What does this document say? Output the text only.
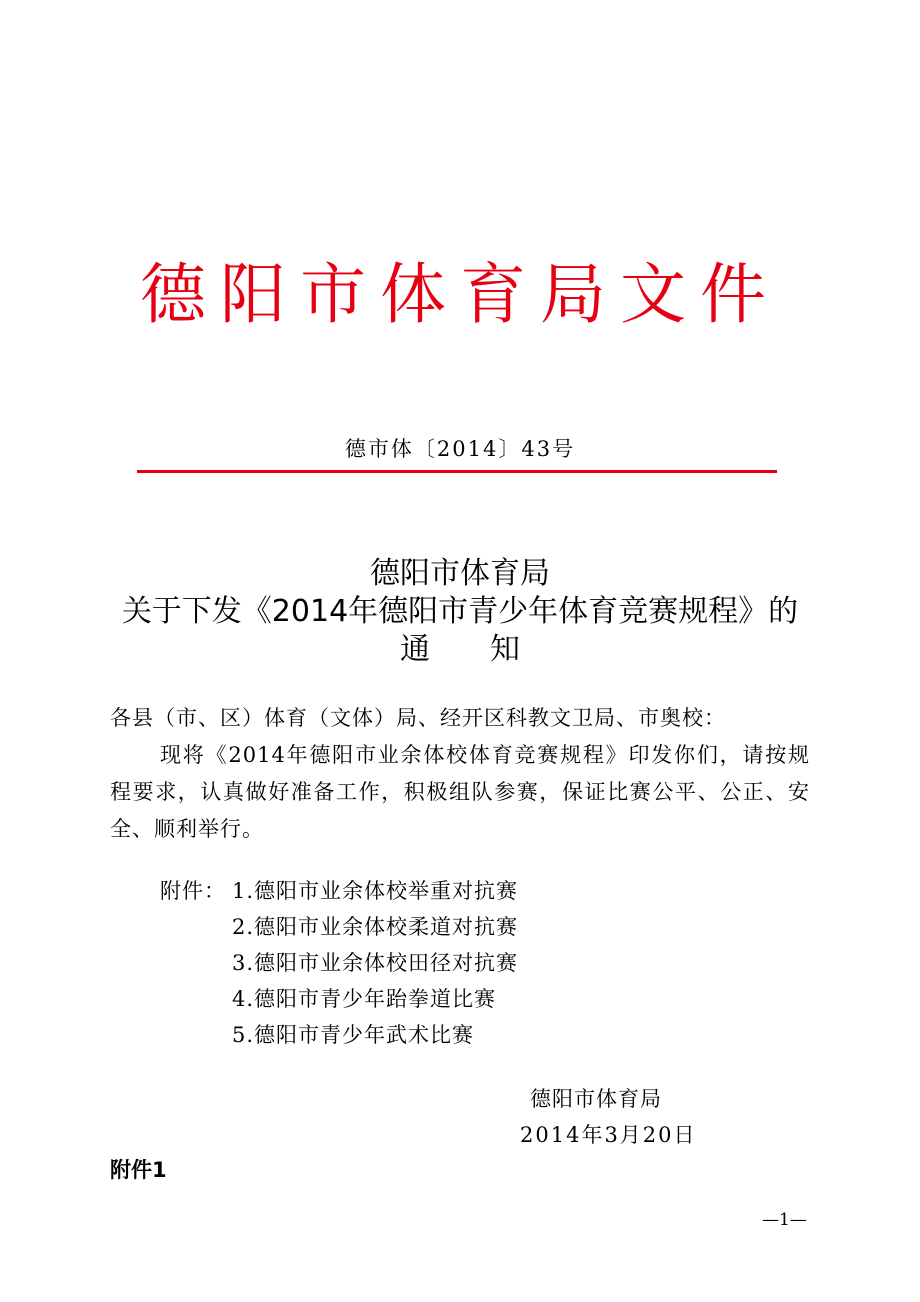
德阳市体育局文件
德市体〔2014〕43号
德阳市体育局
关于下发《2014年德阳市青少年体育竞赛规程》的
通知
各县（市、区）体育（文体）局、经开区科教文卫局、市奥校：
现将《2014年德阳市业余体校体育竞赛规程》印发你们，请按规程要求，认真做好准备工作，积极组队参赛，保证比赛公平、公正、安全、顺利举行。
附件： 1.德阳市业余体校举重对抗赛
2.德阳市业余体校柔道对抗赛
3.德阳市业余体校田径对抗赛
4.德阳市青少年跆拳道比赛
5.德阳市青少年武术比赛
德阳市体育局
2014年3月20日
附件1
—1—
